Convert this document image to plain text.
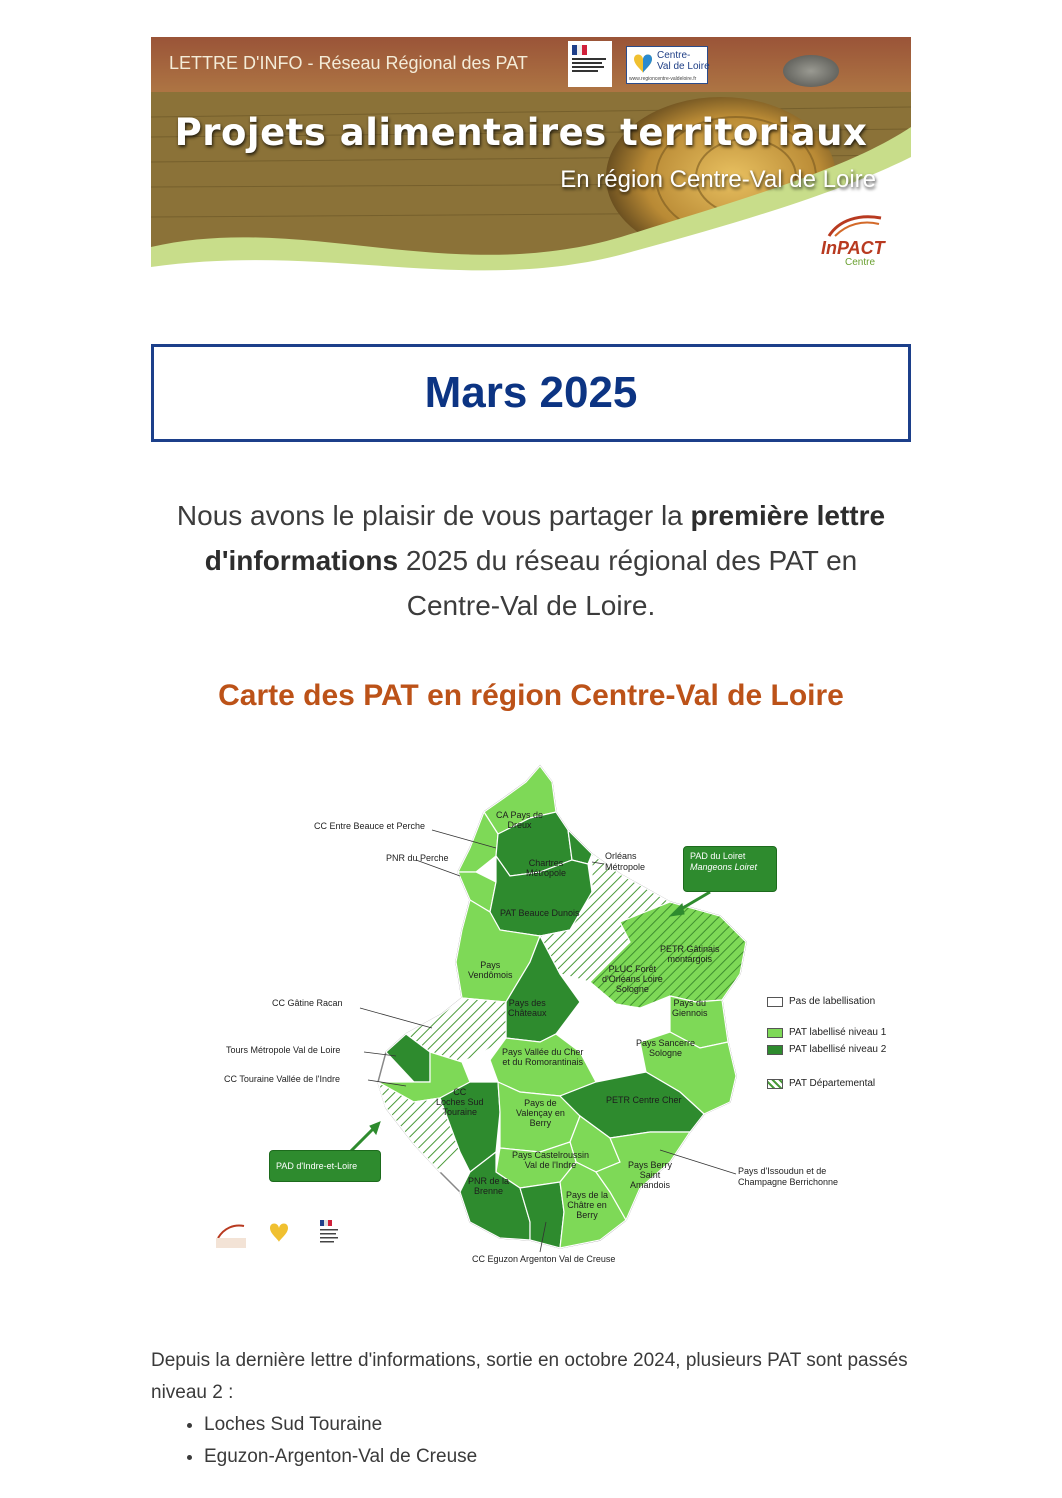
LETTRE D'INFO - Réseau Régional des PAT	Centre-
Val de Loire
www.regioncentre-valdeloire.fr
Projets alimentaires territoriaux
En région Centre-Val de Loire
InPACT
Centre
Mars 2025
Nous avons le plaisir de vous partager la première lettre d'informations 2025 du réseau régional des PAT en Centre-Val de Loire.
Carte des PAT en région Centre-Val de Loire
CC Entre Beauce et Perche
PNR du Perche	Orléans
Métropole
CC Gâtine Racan
Tours Métropole Val de Loire
CC Touraine Vallée de l'Indre
Pays d'Issoudun et de
Champagne Berrichonne
CC Eguzon Argenton Val de Creuse
CA Pays de
Dreux
Chartres
Métropole
PAT Beauce Dunois
PETR Gâtinais
montargois
PLUC Forêt
d'Orléans Loire
Sologne
Pays
Vendômois
Pays des
Châteaux
Pays du
Giennois
Pays Sancerre
Sologne
Pays Vallée du Cher
et du Romorantinais
CC
Loches Sud
Touraine
Pays de
Valençay en
Berry
PETR Centre Cher
Pays Castelroussin
Val de l'Indre
PNR de la
Brenne
Pays Berry
Saint
Amandois
Pays de la
Châtre en
Berry
PAD du Loiret
Mangeons Loiret
PAD d'Indre-et-Loire
Pas de labellisation
PAT labellisé niveau 1
PAT labellisé niveau 2
PAT Départemental
Depuis la dernière lettre d'informations, sortie en octobre 2024, plusieurs PAT sont passés niveau 2 :
• Loches Sud Touraine
• Eguzon-Argenton-Val de Creuse
